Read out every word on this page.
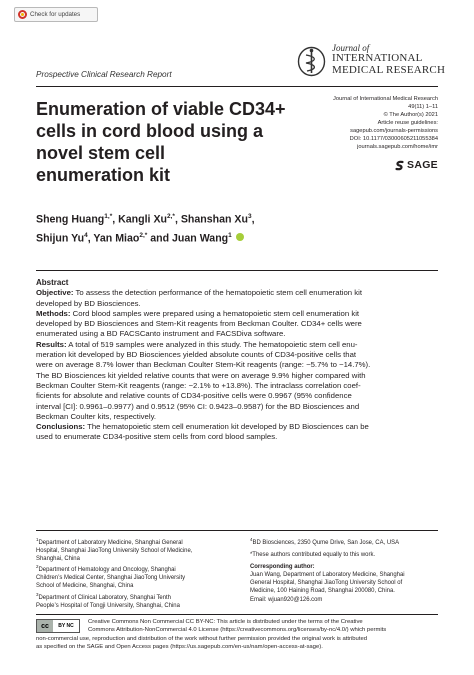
Check for updates
Journal of
INTERNATIONAL
MEDICAL RESEARCH
Prospective Clinical Research Report
Journal of International Medical Research
49(11) 1–11
© The Author(s) 2021
Article reuse guidelines:
sagepub.com/journals-permissions
DOI: 10.1177/03000605211055384
journals.sagepub.com/home/imr
SAGE
Enumeration of viable CD34+
cells in cord blood using a
novel stem cell
enumeration kit
Sheng Huang$^{1,*}$, Kangli $Xu^{2,*}$, Shanshan Xu$^3$,
Shijun Yu$^4$, Yan Miao$^{2,*}$ and Juan Wang$^1$
Abstract

Objective: To assess the detection performance of the hematopoietic stem cell enumeration kit
developed by BD Biosciences.

Methods: Cord blood samples were prepared using a hematopoietic stem cell enumeration kit
developed by BD Biosciences and Stem-Kit reagents from Beckman Coulter. CD34+ cells were
enumerated using a BD FACSCanto instrument and FACSDiva software.

Results: A total of 519 samples were analyzed in this study. The hematopoietic stem cell enu-
meration kit developed by BD Biosciences yielded absolute counts of CD34-positive cells that
were on average 8.7% lower than Beckman Coulter Stem-Kit reagents (range: −5.7% to −14.7%).
The BD Biosciences kit yielded relative counts that were on average 9.9% higher compared with
Beckman Coulter Stem-Kit reagents (range: −2.1% to +13.8%). The intraclass correlation coef-
ficients for absolute and relative counts of CD34-positive cells were 0.9967 (95% confidence
interval [CI]: 0.9961–0.9977) and 0.9512 (95% CI: 0.9423–0.9587) for the BD Biosciences and
Beckman Coulter kits, respectively.

Conclusions: The hematopoietic stem cell enumeration kit developed by BD Biosciences can be
used to enumerate CD34-positive stem cells from cord blood samples.

$^1$Department of Laboratory Medicine, Shanghai General
Hospital, Shanghai JiaoTong University School of Medicine,
Shanghai, China

$^2$Department of Hematology and Oncology, Shanghai
Children’s Medical Center, Shanghai JiaoTong University
School of Medicine, Shanghai, China

$^3$Department of Clinical Laboratory, Shanghai Tenth
People’s Hospital of Tongji University, Shanghai, China

$^4$BD Biosciences, 2350 Qume Drive, San Jose, CA, USA

*These authors contributed equally to this work.

Corresponding author:
Juan Wang, Department of Laboratory Medicine, Shanghai
General Hospital, Shanghai JiaoTong University School of
Medicine, 100 Haining Road, Shanghai 200080, China.
Email: wjuan920@126.com

cc	BY NC
Creative Commons Non Commercial CC BY-NC: This article is distributed under the terms of the Creative
Commons Attribution-NonCommercial 4.0 License (https://creativecommons.org/licenses/by-nc/4.0/) which permits
non-commercial use, reproduction and distribution of the work without further permission provided the original work is attributed
as specified on the SAGE and Open Access pages (https://us.sagepub.com/en-us/nam/open-access-at-sage).
